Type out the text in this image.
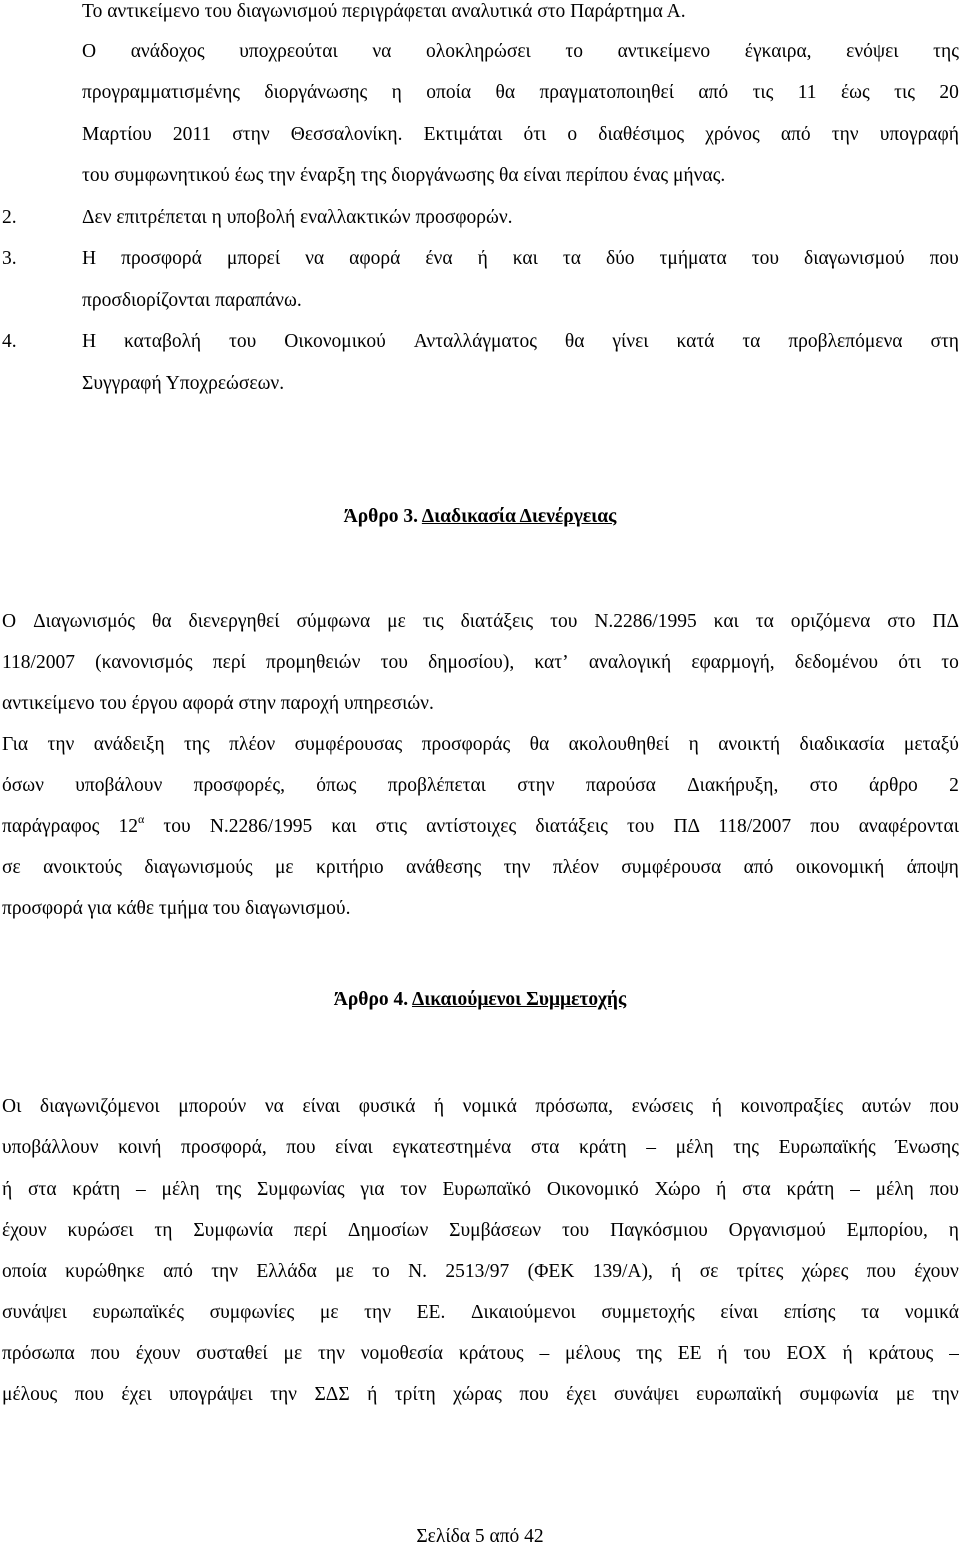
Το αντικείμενο του διαγωνισμού περιγράφεται αναλυτικά στο Παράρτημα Α.
Ο ανάδοχος υποχρεούται να ολοκληρώσει το αντικείμενο έγκαιρα, ενόψει της
προγραμματισμένης διοργάνωσης η οποία θα πραγματοποιηθεί από τις 11 έως τις 20
Μαρτίου 2011 στην Θεσσαλονίκη. Εκτιμάται ότι ο διαθέσιμος χρόνος από την υπογραφή
του συμφωνητικού έως την έναρξη της διοργάνωσης θα είναι περίπου ένας μήνας.
2.	Δεν επιτρέπεται η υποβολή εναλλακτικών προσφορών.
3.	Η προσφορά μπορεί να αφορά ένα ή και τα δύο τμήματα του διαγωνισμού που
προσδιορίζονται παραπάνω.
4.	Η καταβολή του Οικονομικού Ανταλλάγματος θα γίνει κατά τα προβλεπόμενα στη
Συγγραφή Υποχρεώσεων.
Άρθρο 3. Διαδικασία Διενέργειας
Ο Διαγωνισμός θα διενεργηθεί σύμφωνα με τις διατάξεις του Ν.2286/1995 και τα οριζόμενα στο ΠΔ
118/2007 (κανονισμός περί προμηθειών του δημοσίου), κατ’ αναλογική εφαρμογή, δεδομένου ότι το
αντικείμενο του έργου αφορά στην παροχή υπηρεσιών.
Για την ανάδειξη της πλέον συμφέρουσας προσφοράς θα ακολουθηθεί η ανοικτή διαδικασία μεταξύ
όσων υποβάλουν προσφορές, όπως προβλέπεται στην παρούσα Διακήρυξη, στο άρθρο 2
παράγραφος $12^\alpha$ του Ν.2286/1995 και στις αντίστοιχες διατάξεις του ΠΔ 118/2007 που αναφέρονται
σε ανοικτούς διαγωνισμούς με κριτήριο ανάθεσης την πλέον συμφέρουσα από οικονομική άποψη
προσφορά για κάθε τμήμα του διαγωνισμού.
Άρθρο 4. Δικαιούμενοι Συμμετοχής
Οι διαγωνιζόμενοι μπορούν να είναι φυσικά ή νομικά πρόσωπα, ενώσεις ή κοινοπραξίες αυτών που
υποβάλλουν κοινή προσφορά, που είναι εγκατεστημένα στα κράτη – μέλη της Ευρωπαϊκής Ένωσης
ή στα κράτη – μέλη της Συμφωνίας για τον Ευρωπαϊκό Οικονομικό Χώρο ή στα κράτη – μέλη που
έχουν κυρώσει τη Συμφωνία περί Δημοσίων Συμβάσεων του Παγκόσμιου Οργανισμού Εμπορίου, η
οποία κυρώθηκε από την Ελλάδα με το Ν. 2513/97 (ΦΕΚ 139/Α), ή σε τρίτες χώρες που έχουν
συνάψει ευρωπαϊκές συμφωνίες με την ΕΕ. Δικαιούμενοι συμμετοχής είναι επίσης τα νομικά
πρόσωπα που έχουν συσταθεί με την νομοθεσία κράτους – μέλους της ΕΕ ή του ΕΟΧ ή κράτους –
μέλους που έχει υπογράψει την ΣΔΣ ή τρίτη χώρας που έχει συνάψει ευρωπαϊκή συμφωνία με την
Σελίδα 5 από 42
